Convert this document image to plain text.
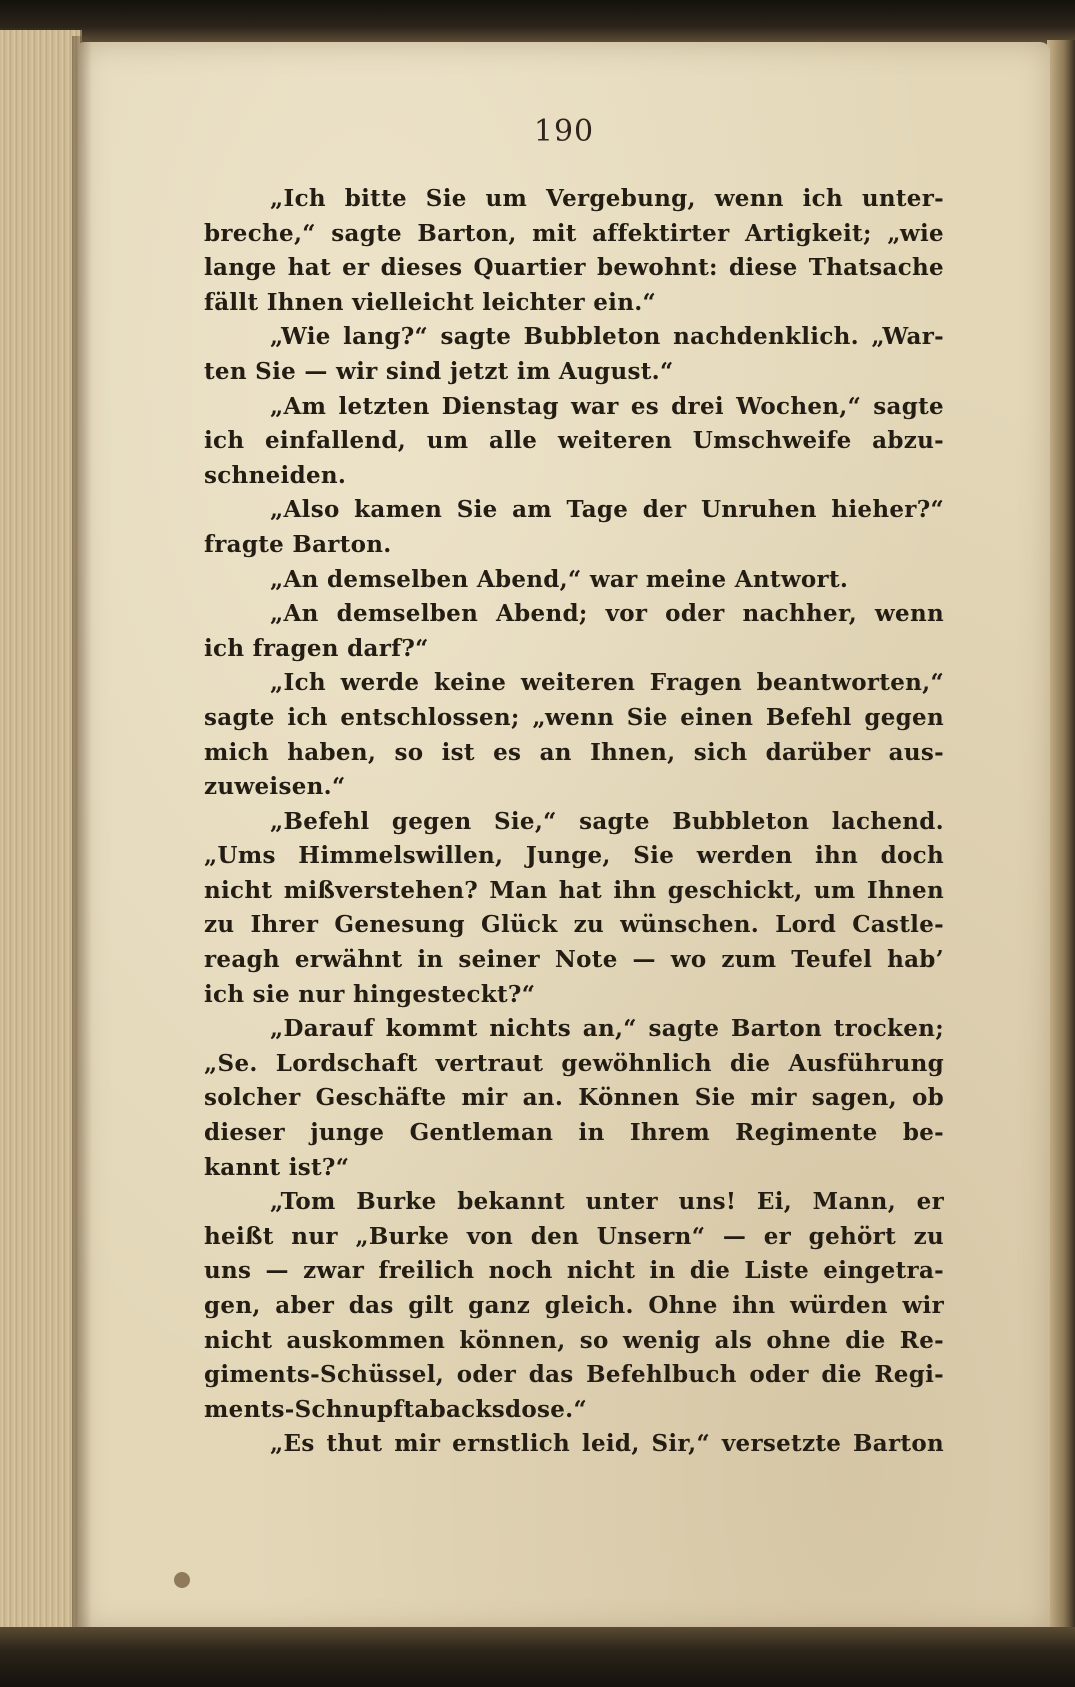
190
„Ich bitte Sie um Vergebung, wenn ich unter-
breche,“ sagte Barton, mit affektirter Artigkeit; „wie
lange hat er dieses Quartier bewohnt: diese Thatsache
fällt Ihnen vielleicht leichter ein.“
„Wie lang?“ sagte Bubbleton nachdenklich. „War-
ten Sie — wir sind jetzt im August.“
„Am letzten Dienstag war es drei Wochen,“ sagte
ich einfallend, um alle weiteren Umschweife abzu-
schneiden.
„Also kamen Sie am Tage der Unruhen hieher?“
fragte Barton.
„An demselben Abend,“ war meine Antwort.
„An demselben Abend; vor oder nachher, wenn
ich fragen darf?“
„Ich werde keine weiteren Fragen beantworten,“
sagte ich entschlossen; „wenn Sie einen Befehl gegen
mich haben, so ist es an Ihnen, sich darüber aus-
zuweisen.“
„Befehl gegen Sie,“ sagte Bubbleton lachend.
„Ums Himmelswillen, Junge, Sie werden ihn doch
nicht mißverstehen? Man hat ihn geschickt, um Ihnen
zu Ihrer Genesung Glück zu wünschen. Lord Castle-
reagh erwähnt in seiner Note — wo zum Teufel hab’
ich sie nur hingesteckt?“
„Darauf kommt nichts an,“ sagte Barton trocken;
„Se. Lordschaft vertraut gewöhnlich die Ausführung
solcher Geschäfte mir an. Können Sie mir sagen, ob
dieser junge Gentleman in Ihrem Regimente be-
kannt ist?“
„Tom Burke bekannt unter uns! Ei, Mann, er
heißt nur „Burke von den Unsern“ — er gehört zu
uns — zwar freilich noch nicht in die Liste eingetra-
gen, aber das gilt ganz gleich. Ohne ihn würden wir
nicht auskommen können, so wenig als ohne die Re-
giments-Schüssel, oder das Befehlbuch oder die Regi-
ments-Schnupftabacksdose.“
„Es thut mir ernstlich leid, Sir,“ versetzte Barton
